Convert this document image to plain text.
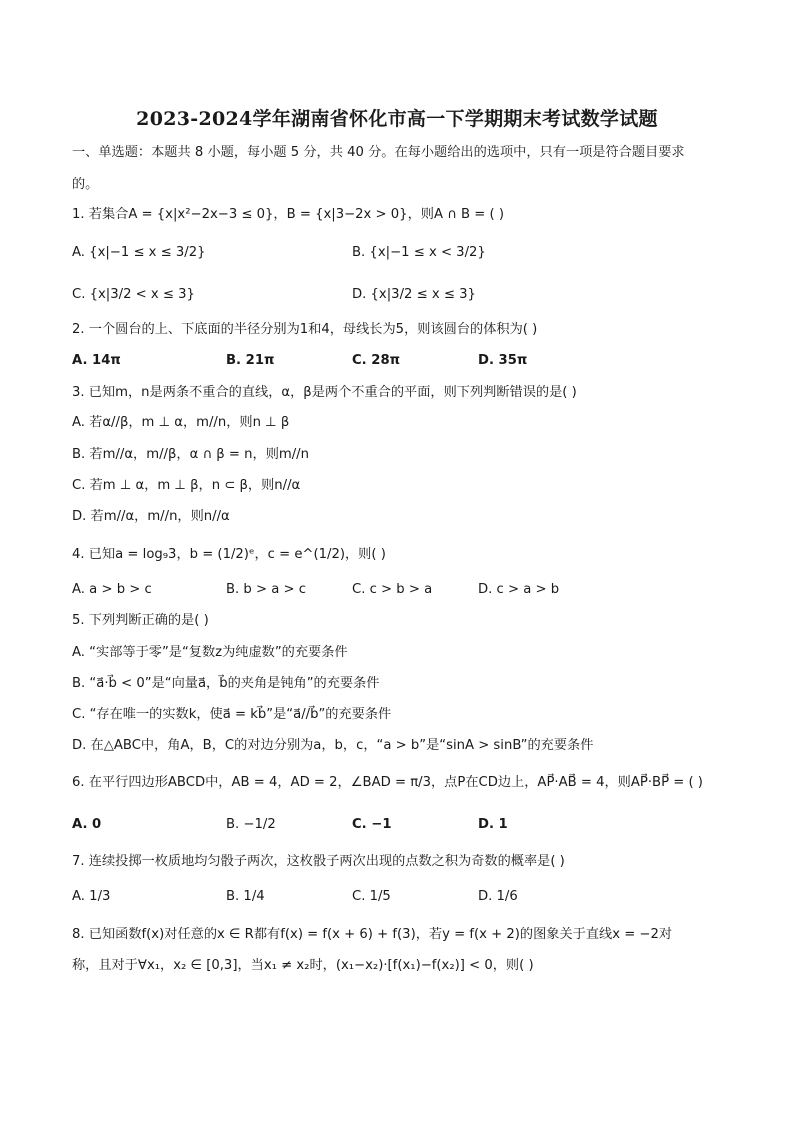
2023-2024学年湖南省怀化市高一下学期期末考试数学试题
一、单选题：本题共 8 小题，每小题 5 分，共 40 分。在每小题给出的选项中，只有一项是符合题目要求
的。
1. 若集合A = {x|x²−2x−3 ≤ 0}，B = {x|3−2x > 0}，则A ∩ B = ( )
A. {x|−1 ≤ x ≤ 3/2}	B. {x|−1 ≤ x < 3/2}
C. {x|3/2 < x ≤ 3}	D. {x|3/2 ≤ x ≤ 3}
2. 一个圆台的上、下底面的半径分别为1和4，母线长为5，则该圆台的体积为( )
A. 14π	B. 21π	C. 28π	D. 35π
3. 已知m，n是两条不重合的直线，α，β是两个不重合的平面，则下列判断错误的是( )
A. 若α//β，m ⊥ α，m//n，则n ⊥ β
B. 若m//α，m//β，α ∩ β = n，则m//n
C. 若m ⊥ α，m ⊥ β，n ⊂ β，则n//α
D. 若m//α，m//n，则n//α
4. 已知a = log₉3，b = (1/2)ᵉ，c = e^(1/2)，则( )
A. a > b > c	B. b > a > c	C. c > b > a	D. c > a > b
5. 下列判断正确的是( )
A. “实部等于零”是“复数z为纯虚数”的充要条件
B. “a⃗·b⃗ < 0”是“向量a⃗，b⃗的夹角是钝角”的充要条件
C. “存在唯一的实数k，使a⃗ = kb⃗”是“a⃗//b⃗”的充要条件
D. 在△ABC中，角A，B，C的对边分别为a，b，c，“a > b”是“sinA > sinB”的充要条件
6. 在平行四边形ABCD中，AB = 4，AD = 2，∠BAD = π/3，点P在CD边上，AP⃗·AB⃗ = 4，则AP⃗·BP⃗ = ( )
A. 0	B. −1/2	C. −1	D. 1
7. 连续投掷一枚质地均匀骰子两次，这枚骰子两次出现的点数之积为奇数的概率是( )
A. 1/3	B. 1/4	C. 1/5	D. 1/6
8. 已知函数f(x)对任意的x ∈ R都有f(x) = f(x + 6) + f(3)，若y = f(x + 2)的图象关于直线x = −2对
称，且对于∀x₁，x₂ ∈ [0,3]，当x₁ ≠ x₂时，(x₁−x₂)·[f(x₁)−f(x₂)] < 0，则( )
